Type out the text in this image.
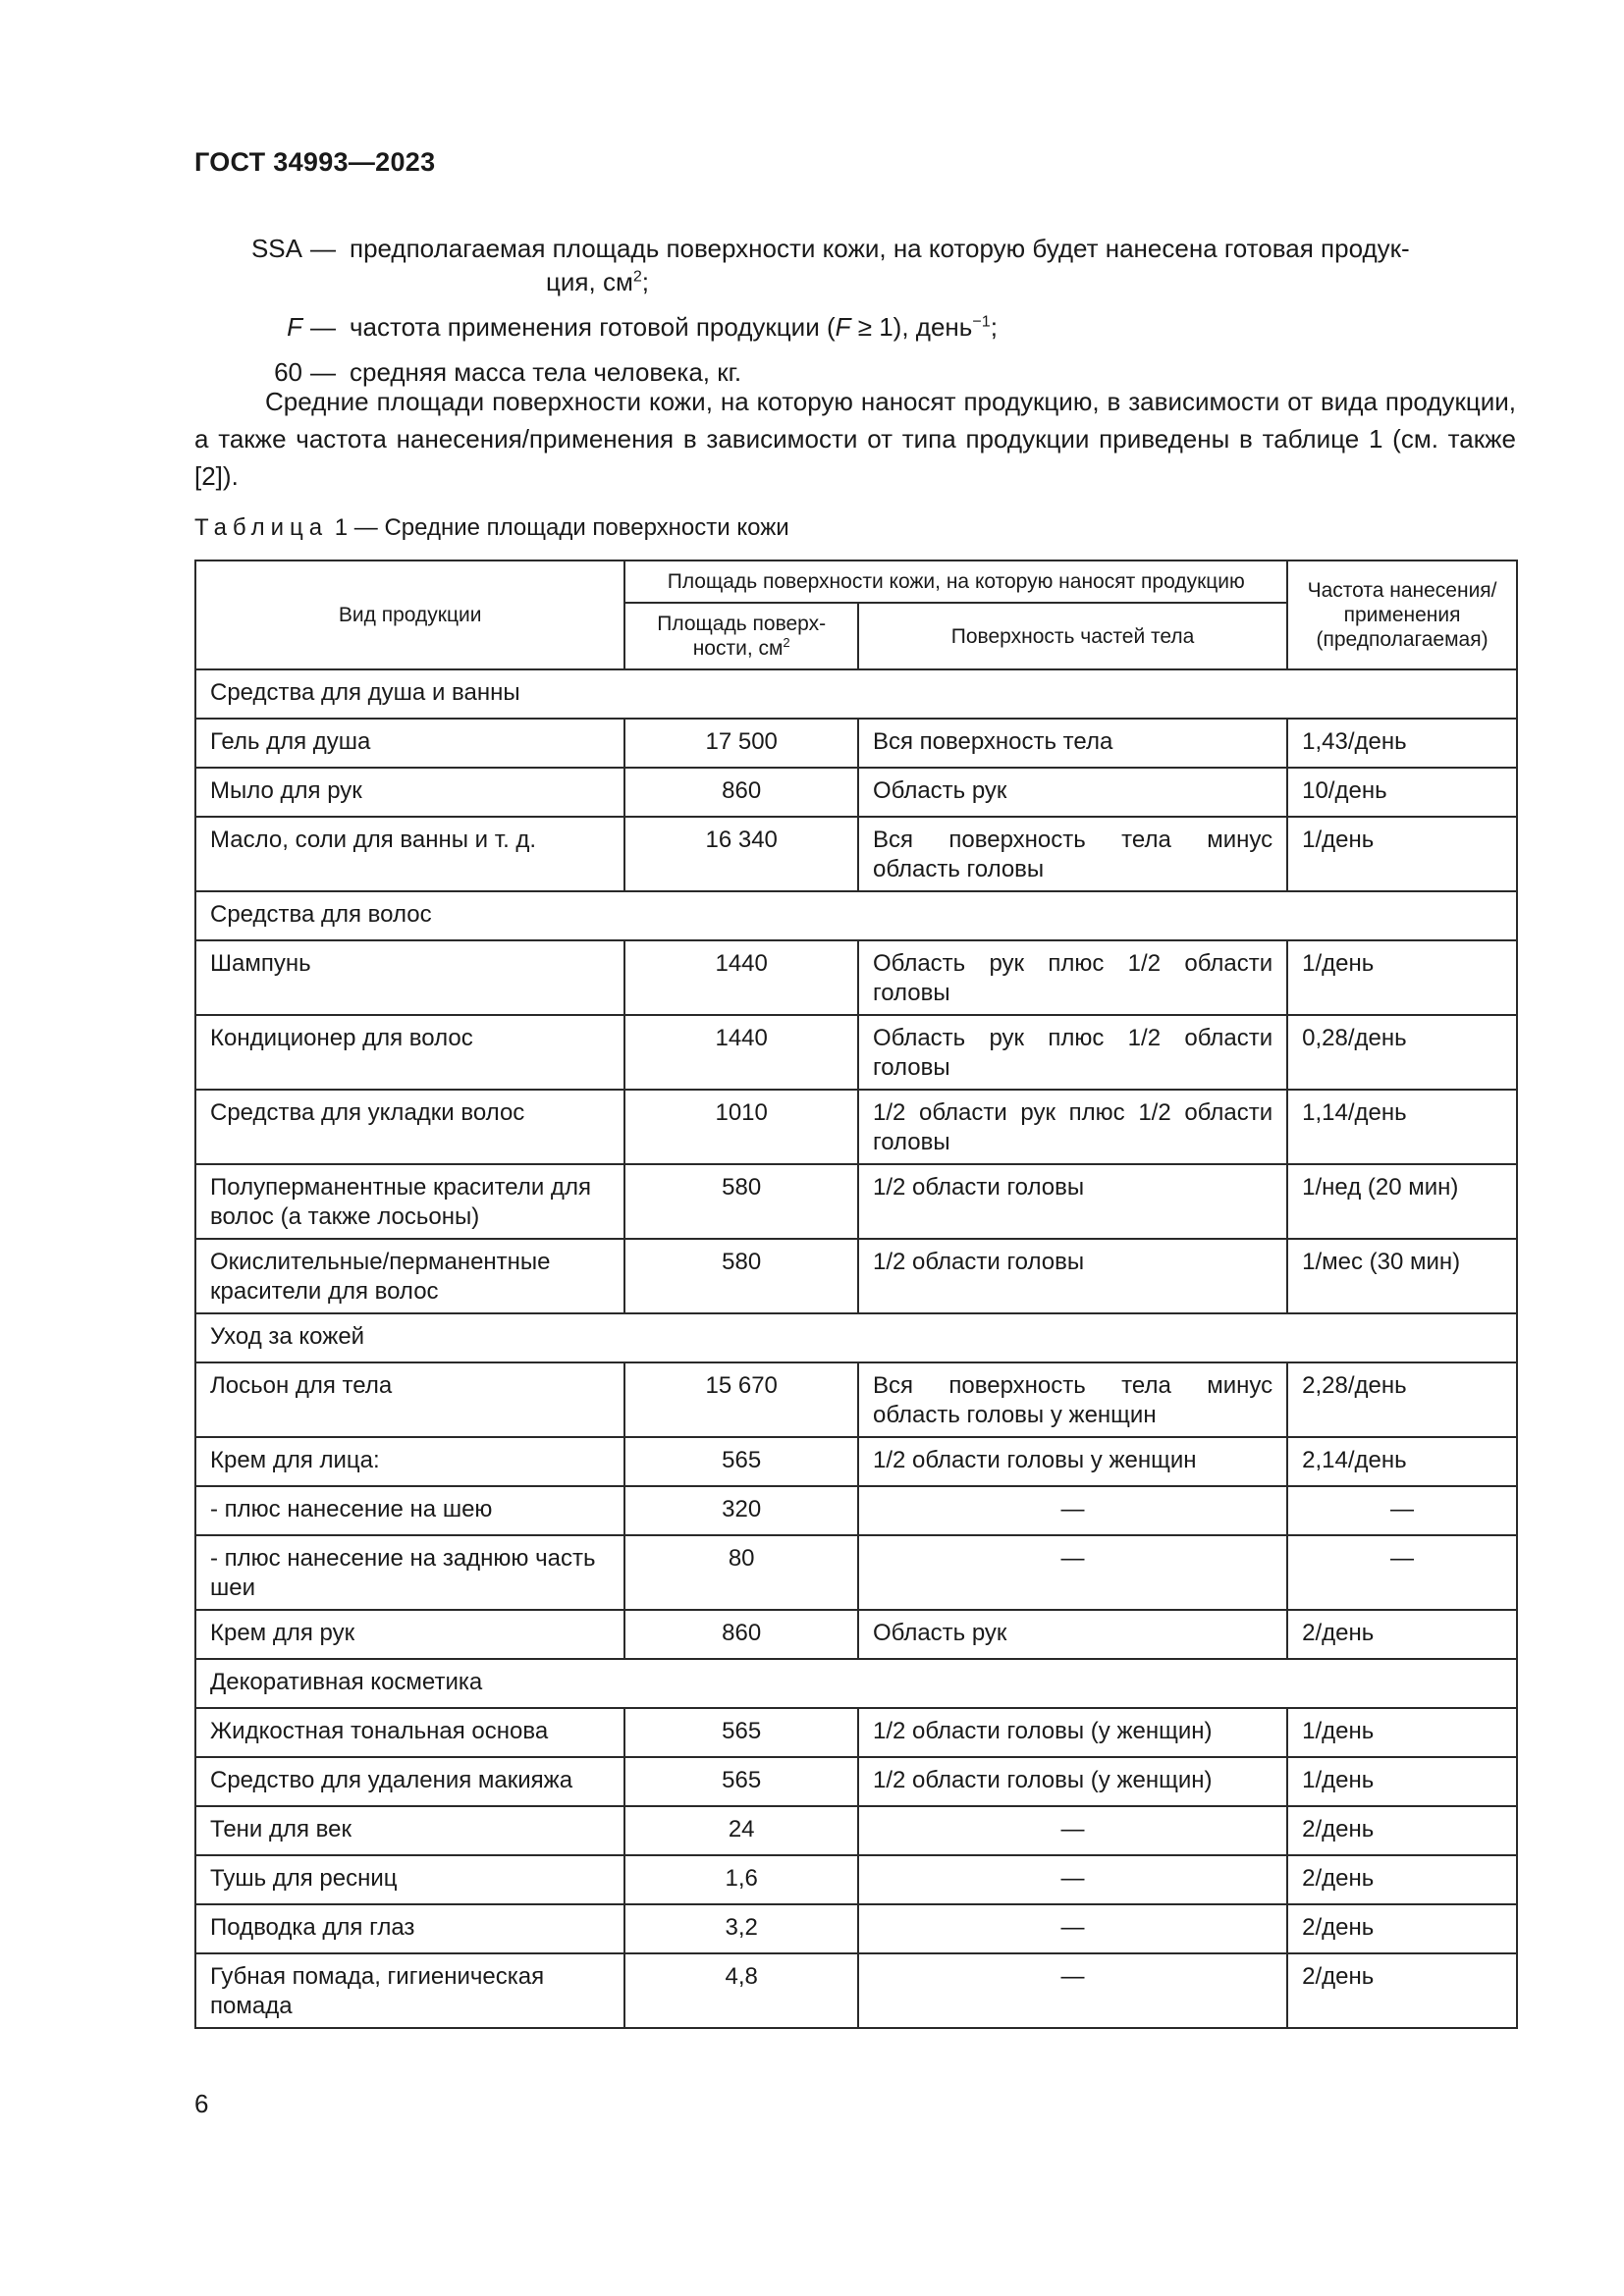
ГОСТ 34993—2023
SSA — предполагаемая площадь поверхности кожи, на которую будет нанесена готовая продук-
ция, $см^2$;
F — частота применения готовой продукции (F ≥ 1), день$^{-1}$;
60 — средняя масса тела человека, кг.
Средние площади поверхности кожи, на которую наносят продукцию, в зависимости от вида продукции, а также частота нанесения/применения в зависимости от типа продукции приведены в таблице 1 (см. также [2]).
Таблица 1 — Средние площади поверхности кожи
Вид продукции	Площадь поверхности кожи, на которую наносят продукцию		Частота нанесения/применения (предполагаемая)
	Площадь поверх-ности, $см^2$	Поверхность частей тела	
Средства для душа и ванны			
Гель для душа	17 500	Вся поверхность тела	1,43/день
Мыло для рук	860	Область рук	10/день
Масло, соли для ванны и т. д.	16 340	Вся поверхность тела минус область головы	1/день
Средства для волос			
Шампунь	1440	Область рук плюс 1/2 области головы	1/день
Кондиционер для волос	1440	Область рук плюс 1/2 области головы	0,28/день
Средства для укладки волос	1010	1/2 области рук плюс 1/2 области головы	1,14/день
Полуперманентные красители для волос (а также лосьоны)	580	1/2 области головы	1/нед (20 мин)
Окислительные/перманентные красители для волос	580	1/2 области головы	1/мес (30 мин)
Уход за кожей			
Лосьон для тела	15 670	Вся поверхность тела минус область головы у женщин	2,28/день
Крем для лица:	565	1/2 области головы у женщин	2,14/день
- плюс нанесение на шею	320	—	—
- плюс нанесение на заднюю часть шеи	80	—	—
Крем для рук	860	Область рук	2/день
Декоративная косметика			
Жидкостная тональная основа	565	1/2 области головы (у женщин)	1/день
Средство для удаления макияжа	565	1/2 области головы (у женщин)	1/день
Тени для век	24	—	2/день
Тушь для ресниц	1,6	—	2/день
Подводка для глаз	3,2	—	2/день
Губная помада, гигиеническая помада	4,8	—	2/день
6
